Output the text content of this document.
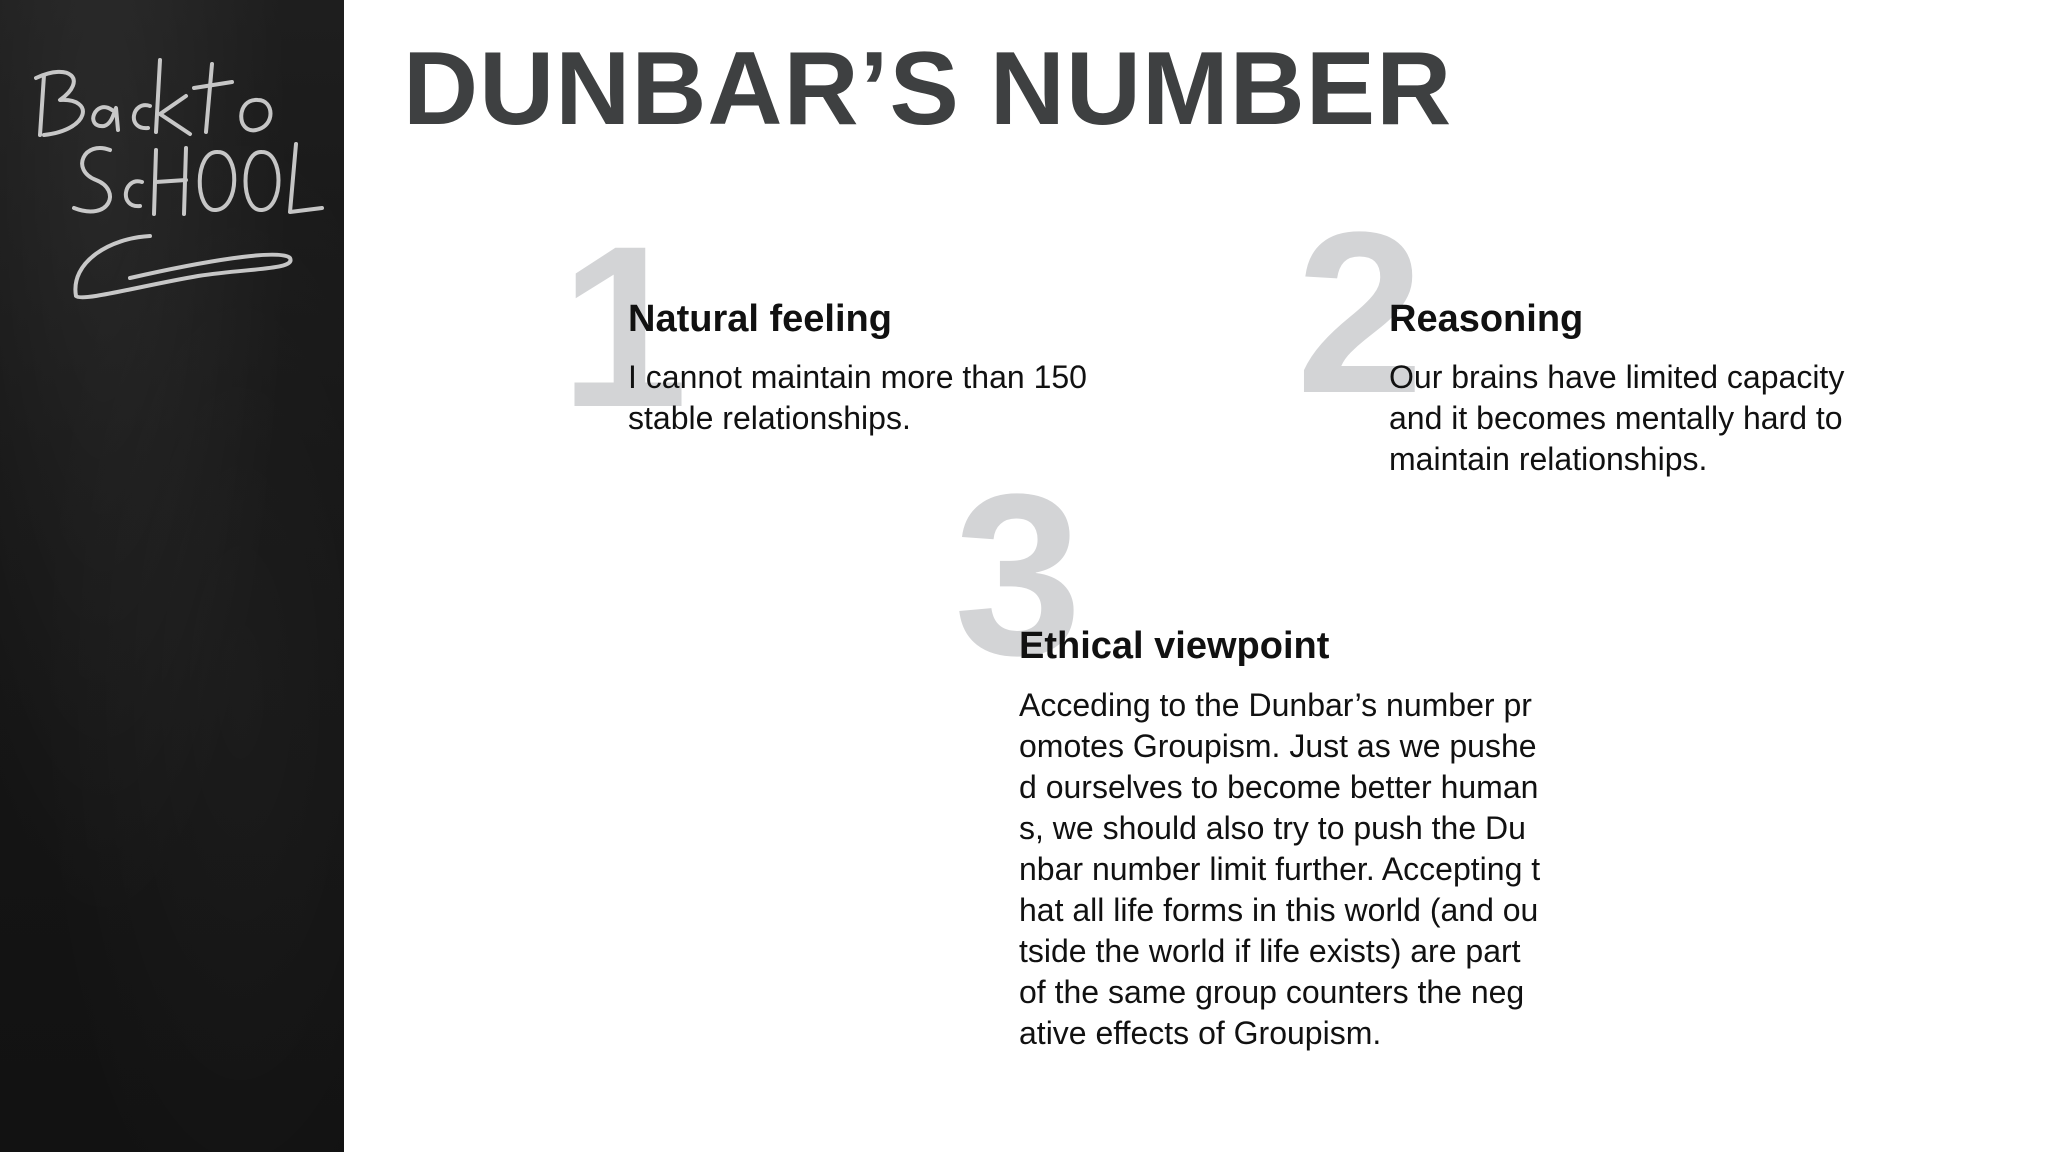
DUNBAR’S NUMBER
1
Natural feeling
I cannot maintain more than 150
stable relationships.	2
Reasoning
Our brains have limited capacity
and it becomes mentally hard to
maintain relationships.
3
Ethical viewpoint
Acceding to the Dunbar’s number pr
omotes Groupism. Just as we pushe
d ourselves to become better human
s, we should also try to push the Du
nbar number limit further. Accepting t
hat all life forms in this world (and ou
tside the world if life exists) are part
of the same group counters the neg
ative effects of Groupism.
